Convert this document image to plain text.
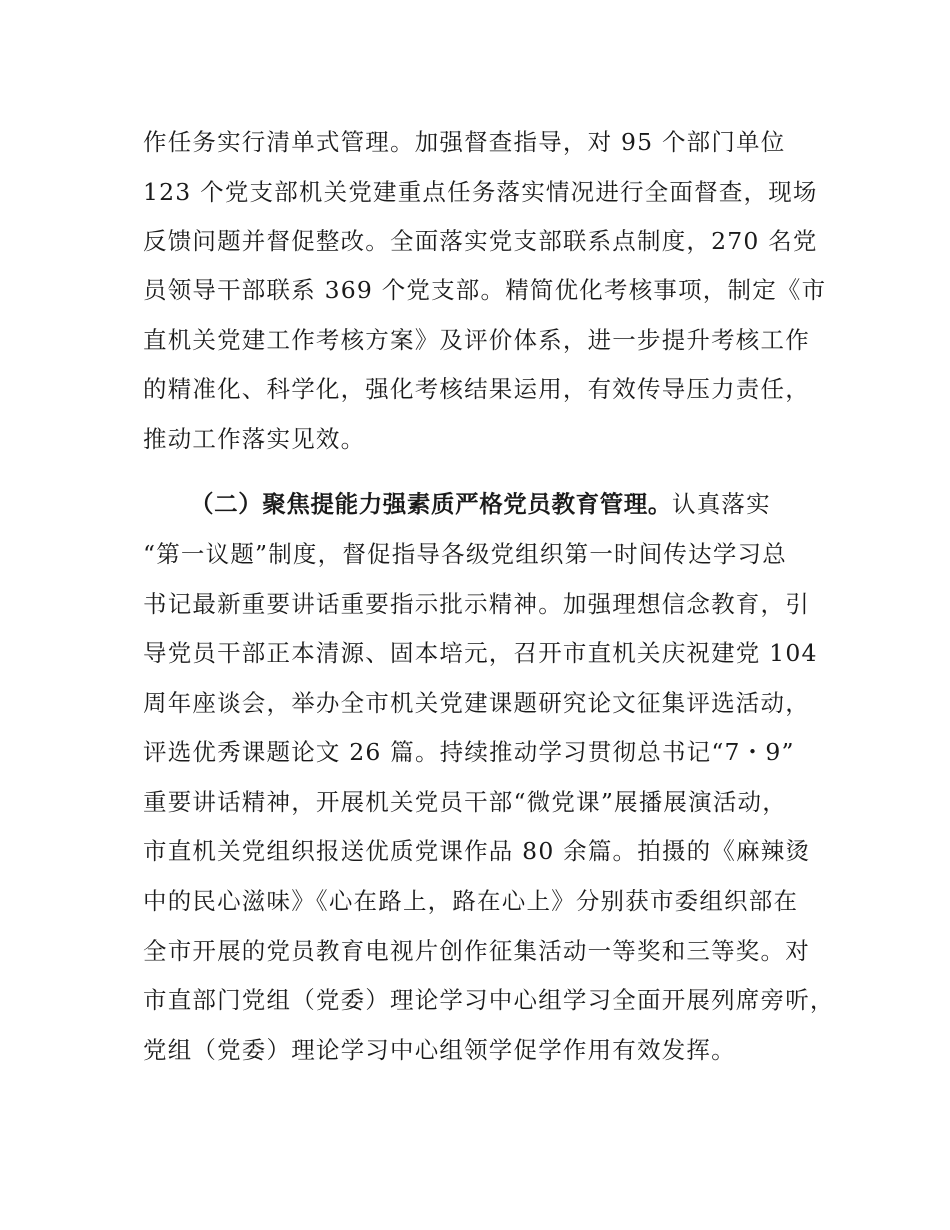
作任务实行清单式管理。加强督查指导，对 95 个部门单位
123 个党支部机关党建重点任务落实情况进行全面督查，现场
反馈问题并督促整改。全面落实党支部联系点制度，270 名党
员领导干部联系 369 个党支部。精简优化考核事项，制定《市
直机关党建工作考核方案》及评价体系，进一步提升考核工作
的精准化、科学化，强化考核结果运用，有效传导压力责任，
推动工作落实见效。
（二）聚焦提能力强素质严格党员教育管理。认真落实
“第一议题”制度，督促指导各级党组织第一时间传达学习总
书记最新重要讲话重要指示批示精神。加强理想信念教育，引
导党员干部正本清源、固本培元，召开市直机关庆祝建党 104
周年座谈会，举办全市机关党建课题研究论文征集评选活动，
评选优秀课题论文 26 篇。持续推动学习贯彻总书记“7・9”
重要讲话精神，开展机关党员干部“微党课”展播展演活动，
市直机关党组织报送优质党课作品 80 余篇。拍摄的《麻辣烫
中的民心滋味》《心在路上，路在心上》分别获市委组织部在
全市开展的党员教育电视片创作征集活动一等奖和三等奖。对
市直部门党组（党委）理论学习中心组学习全面开展列席旁听，
党组（党委）理论学习中心组领学促学作用有效发挥。
